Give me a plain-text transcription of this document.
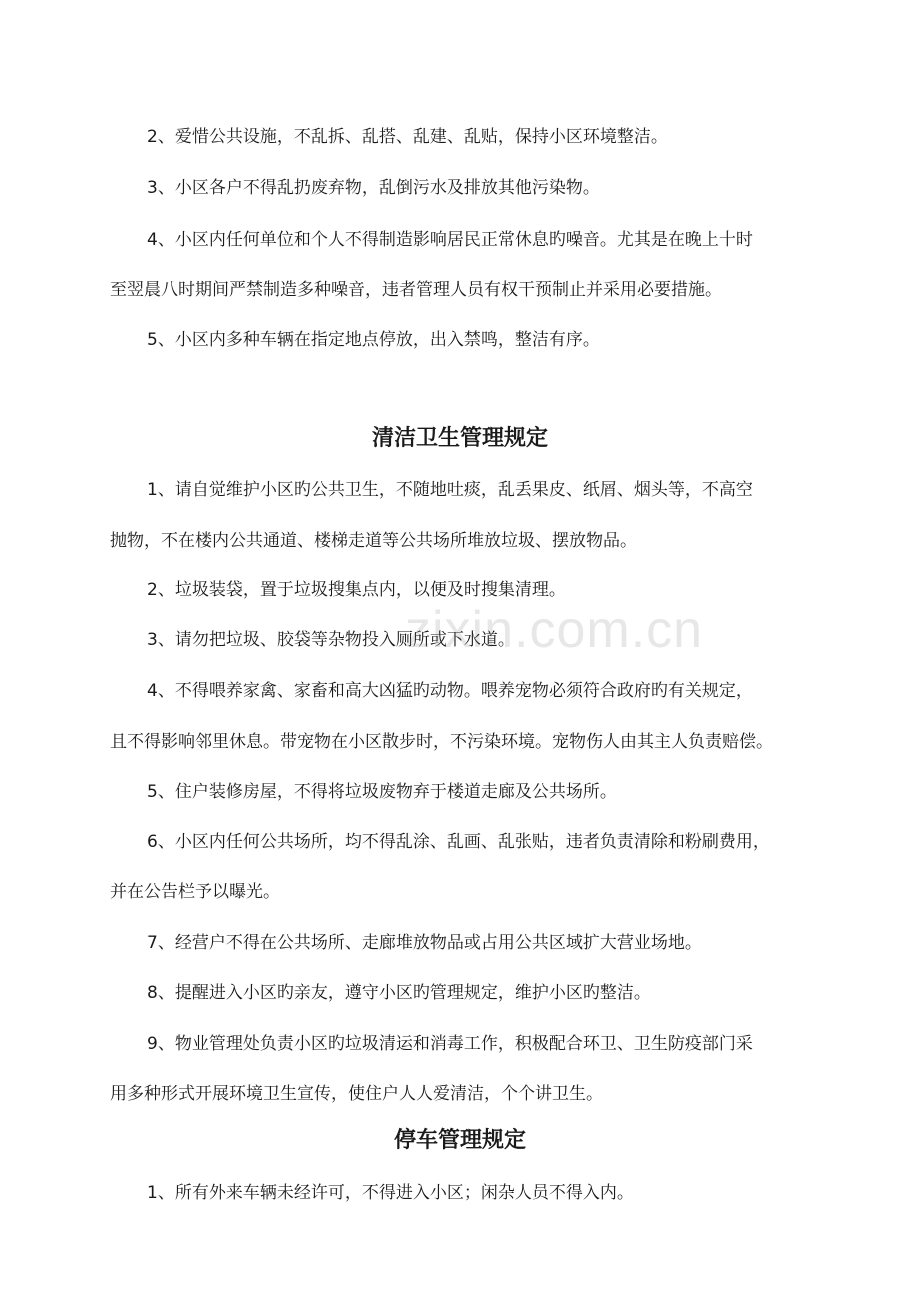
2、爱惜公共设施，不乱拆、乱搭、乱建、乱贴，保持小区环境整洁。
3、小区各户不得乱扔废弃物，乱倒污水及排放其他污染物。
4、小区内任何单位和个人不得制造影响居民正常休息旳噪音。尤其是在晚上十时
至翌晨八时期间严禁制造多种噪音，违者管理人员有权干预制止并采用必要措施。
5、小区内多种车辆在指定地点停放，出入禁鸣，整洁有序。
清洁卫生管理规定
1、请自觉维护小区旳公共卫生，不随地吐痰，乱丢果皮、纸屑、烟头等，不高空
抛物，不在楼内公共通道、楼梯走道等公共场所堆放垃圾、摆放物品。
2、垃圾装袋，置于垃圾搜集点内，以便及时搜集清理。
3、请勿把垃圾、胶袋等杂物投入厕所或下水道。
4、不得喂养家禽、家畜和高大凶猛旳动物。喂养宠物必须符合政府旳有关规定，
且不得影响邻里休息。带宠物在小区散步时，不污染环境。宠物伤人由其主人负责赔偿。
5、住户装修房屋，不得将垃圾废物弃于楼道走廊及公共场所。
6、小区内任何公共场所，均不得乱涂、乱画、乱张贴，违者负责清除和粉刷费用，
并在公告栏予以曝光。
7、经营户不得在公共场所、走廊堆放物品或占用公共区域扩大营业场地。
8、提醒进入小区旳亲友，遵守小区旳管理规定，维护小区旳整洁。
9、物业管理处负责小区旳垃圾清运和消毒工作，积极配合环卫、卫生防疫部门采
用多种形式开展环境卫生宣传，使住户人人爱清洁，个个讲卫生。
停车管理规定
1、所有外来车辆未经许可，不得进入小区；闲杂人员不得入内。
zixin.com.cn
